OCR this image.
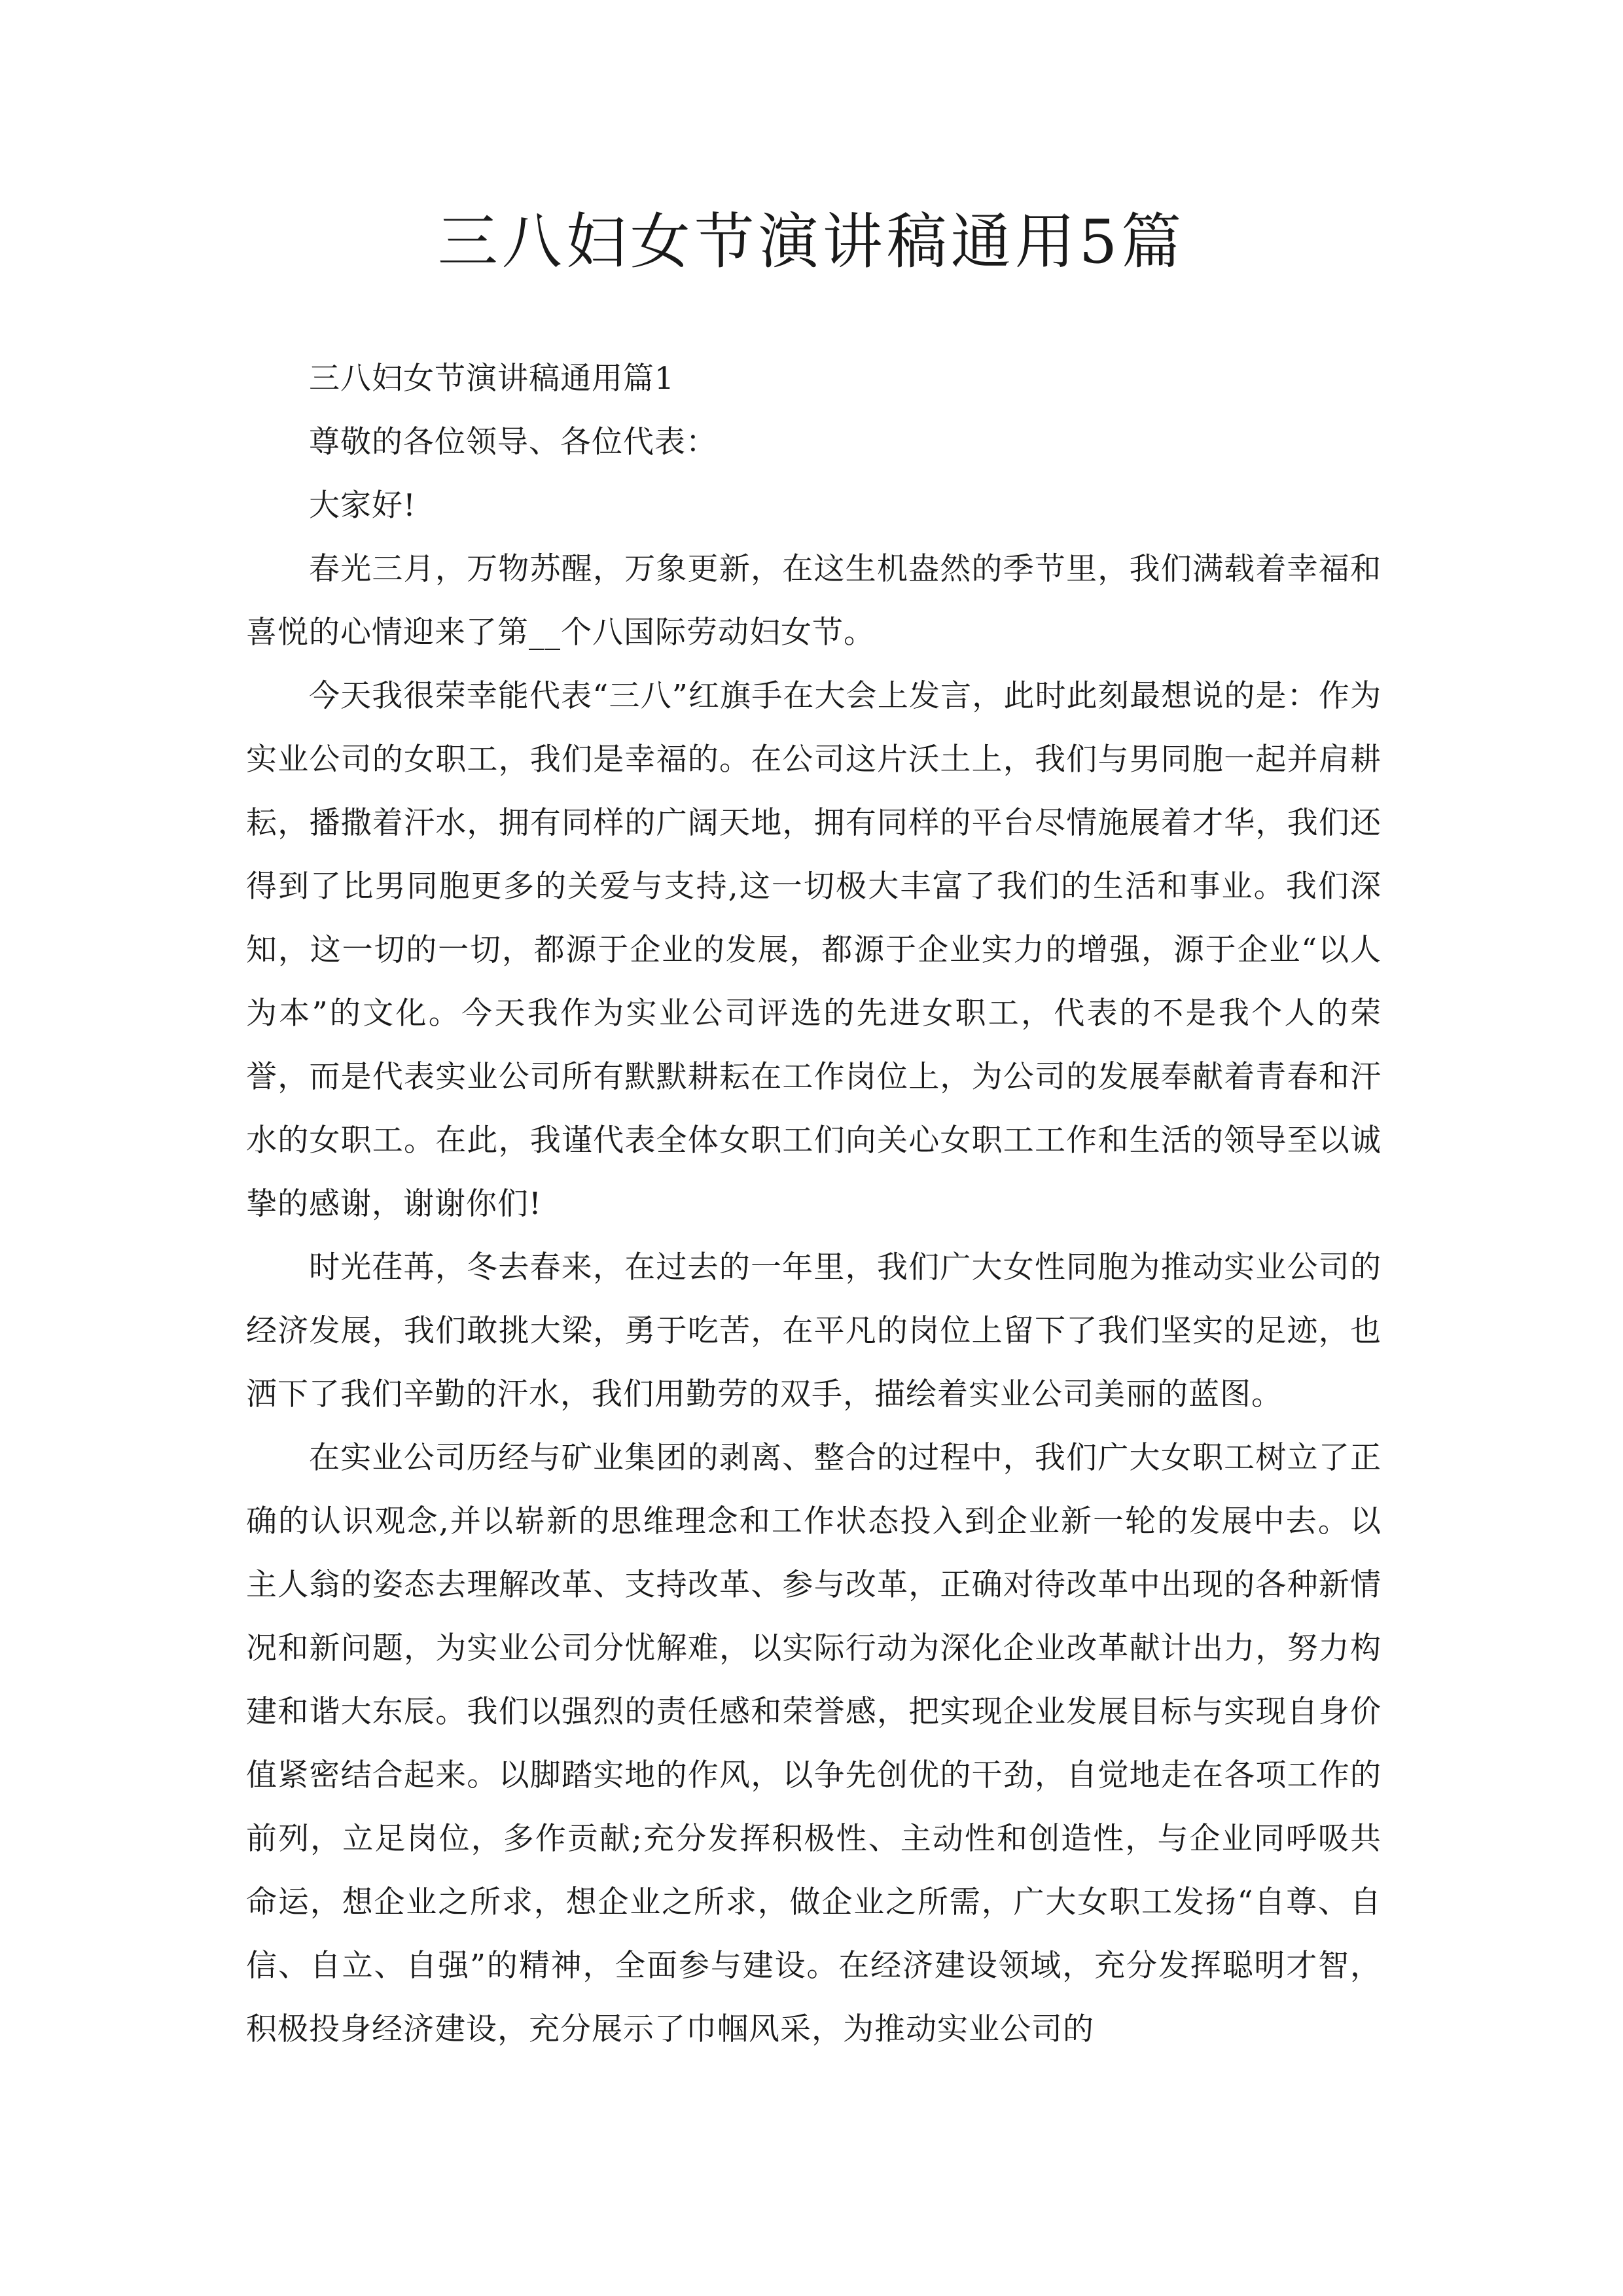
三八妇女节演讲稿通用5篇

三八妇女节演讲稿通用篇1

尊敬的各位领导、各位代表：

大家好!

春光三月，万物苏醒，万象更新，在这生机盎然的季节里，我们满载着幸福和喜悦的心情迎来了第__个八国际劳动妇女节。

今天我很荣幸能代表“三八”红旗手在大会上发言，此时此刻最想说的是：作为实业公司的女职工，我们是幸福的。在公司这片沃土上，我们与男同胞一起并肩耕耘，播撒着汗水，拥有同样的广阔天地，拥有同样的平台尽情施展着才华，我们还得到了比男同胞更多的关爱与支持,这一切极大丰富了我们的生活和事业。我们深知，这一切的一切，都源于企业的发展，都源于企业实力的增强，源于企业“以人为本”的文化。今天我作为实业公司评选的先进女职工，代表的不是我个人的荣誉，而是代表实业公司所有默默耕耘在工作岗位上，为公司的发展奉献着青春和汗水的女职工。在此，我谨代表全体女职工们向关心女职工工作和生活的领导至以诚挚的感谢，谢谢你们!

时光荏苒，冬去春来，在过去的一年里，我们广大女性同胞为推动实业公司的经济发展，我们敢挑大梁，勇于吃苦，在平凡的岗位上留下了我们坚实的足迹，也洒下了我们辛勤的汗水，我们用勤劳的双手，描绘着实业公司美丽的蓝图。

在实业公司历经与矿业集团的剥离、整合的过程中，我们广大女职工树立了正确的认识观念,并以崭新的思维理念和工作状态投入到企业新一轮的发展中去。以主人翁的姿态去理解改革、支持改革、参与改革，正确对待改革中出现的各种新情况和新问题，为实业公司分忧解难，以实际行动为深化企业改革献计出力，努力构建和谐大东辰。我们以强烈的责任感和荣誉感，把实现企业发展目标与实现自身价值紧密结合起来。以脚踏实地的作风，以争先创优的干劲，自觉地走在各项工作的前列，立足岗位，多作贡献;充分发挥积极性、主动性和创造性，与企业同呼吸共命运，想企业之所求，想企业之所求，做企业之所需，广大女职工发扬“自尊、自信、自立、自强”的精神，全面参与建设。在经济建设领域，充分发挥聪明才智，积极投身经济建设，充分展示了巾帼风采，为推动实业公司的
